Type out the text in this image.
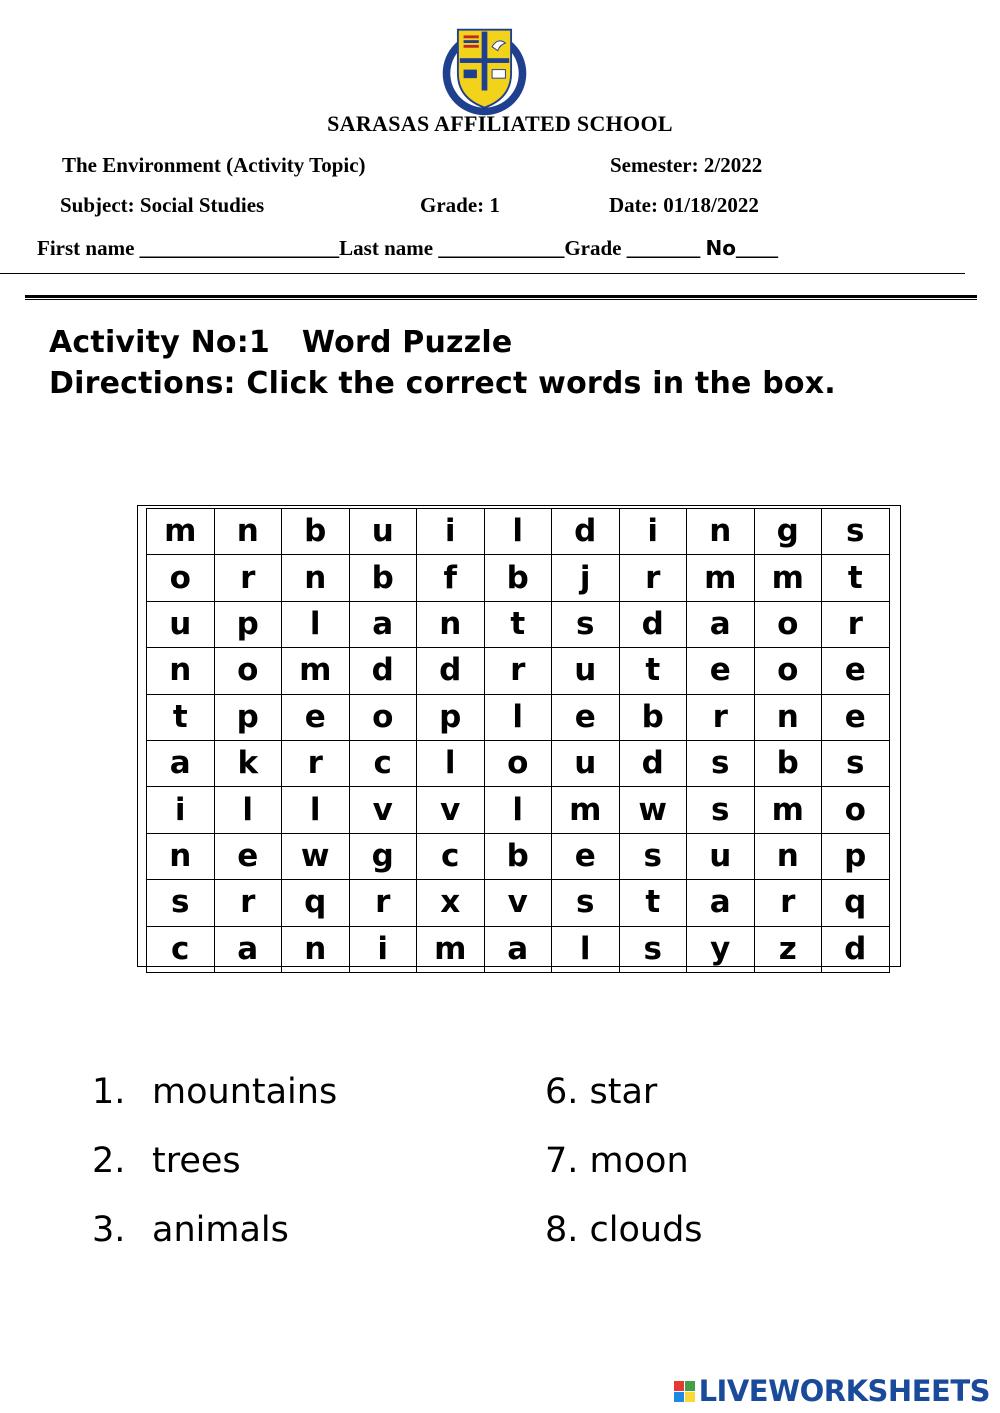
SARASAS AFFILIATED SCHOOL
The Environment (Activity Topic)	Semester: 2/2022
Subject: Social Studies	Grade: 1	Date: 01/18/2022
First name ___________________Last name ____________Grade _______ No____
Activity No:1   Word Puzzle
Directions: Click the correct words in the box.
m	n	b	u	i	l	d	i	n	g	s
o	r	n	b	f	b	j	r	m	m	t
u	p	l	a	n	t	s	d	a	o	r
n	o	m	d	d	r	u	t	e	o	e
t	p	e	o	p	l	e	b	r	n	e
a	k	r	c	l	o	u	d	s	b	s
i	l	l	v	v	l	m	w	s	m	o
n	e	w	g	c	b	e	s	u	n	p
s	r	q	r	x	v	s	t	a	r	q
c	a	n	i	m	a	l	s	y	z	d
1. mountains
2. trees
3. animals
6. star
7. moon
8. clouds
LIVEWORKSHEETS
